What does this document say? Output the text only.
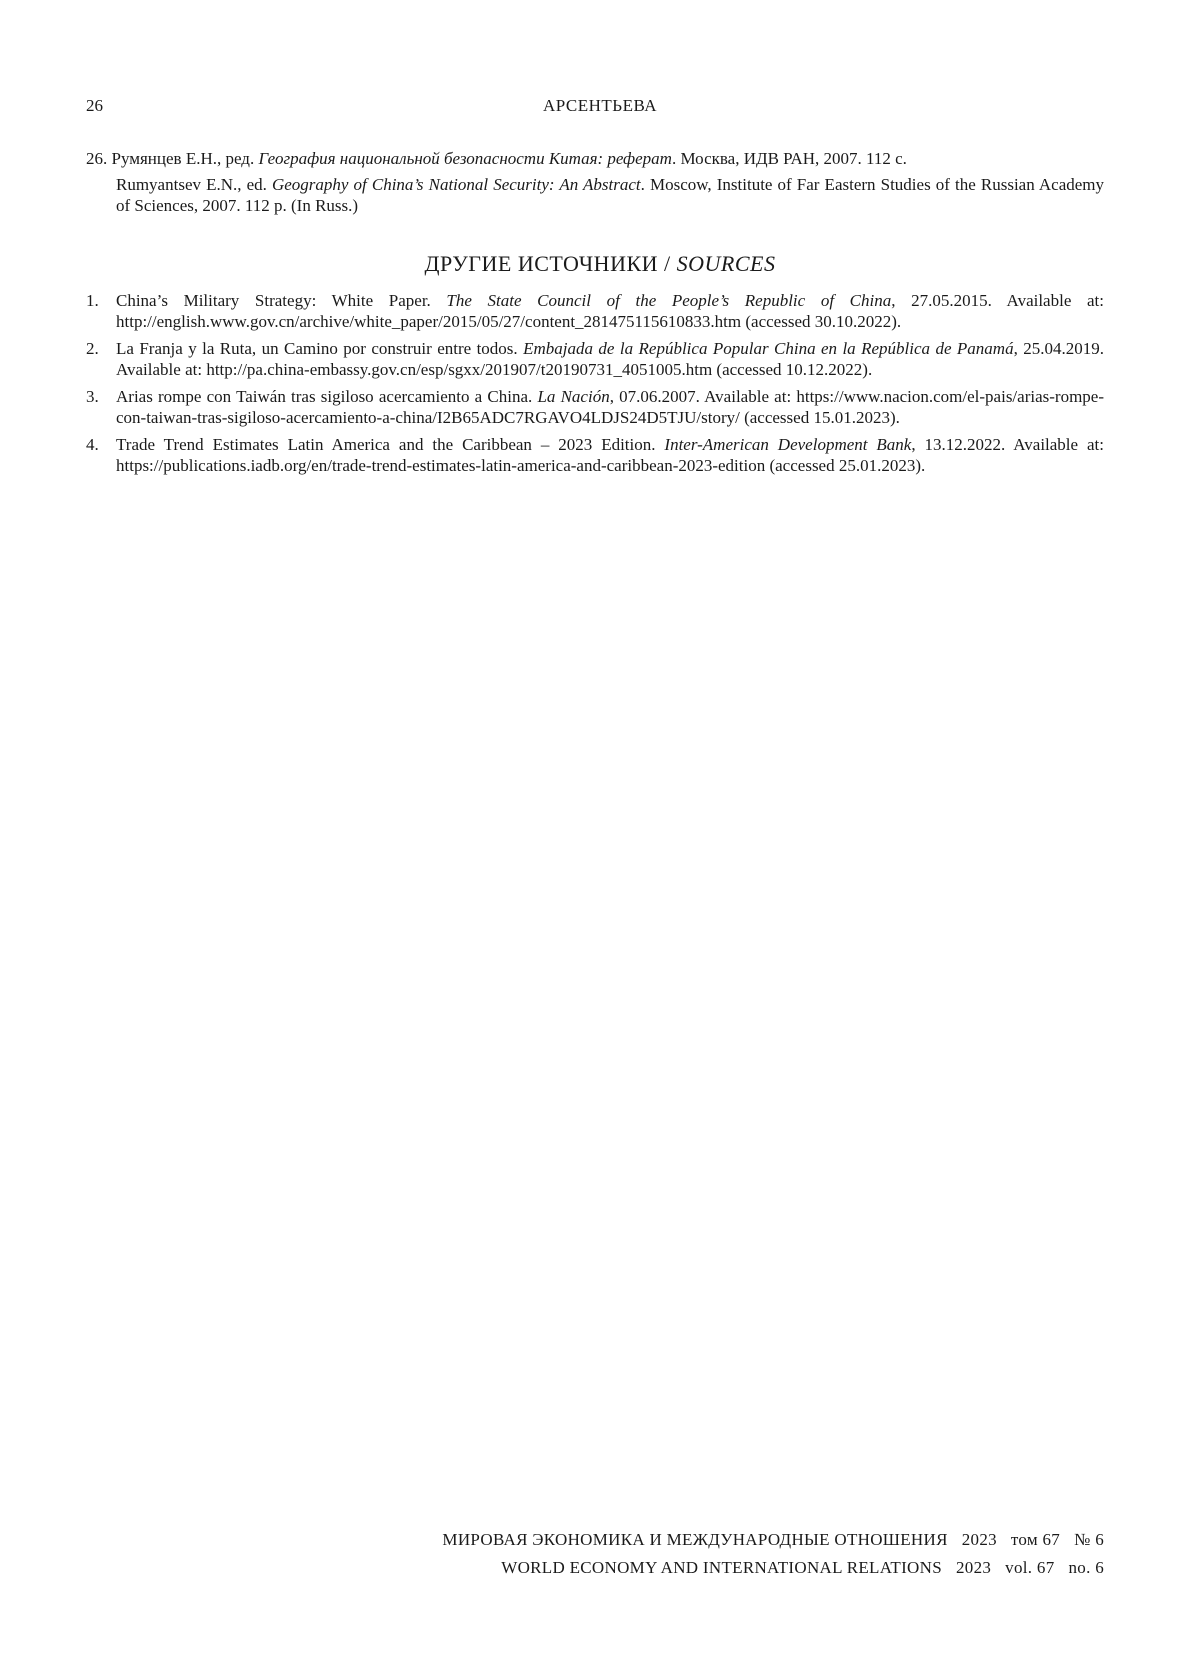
26	АРСЕНТЬЕВА
26. Румянцев Е.Н., ред. География национальной безопасности Китая: реферат. Москва, ИДВ РАН, 2007. 112 с.
Rumyantsev E.N., ed. Geography of China’s National Security: An Abstract. Moscow, Institute of Far Eastern Studies of the Russian Academy of Sciences, 2007. 112 p. (In Russ.)
ДРУГИЕ ИСТОЧНИКИ / SOURCES
1. China’s Military Strategy: White Paper. The State Council of the People’s Republic of China, 27.05.2015. Available at: http://english.www.gov.cn/archive/white_paper/2015/05/27/content_281475115610833.htm (accessed 30.10.2022).
2. La Franja y la Ruta, un Camino por construir entre todos. Embajada de la República Popular China en la República de Panamá, 25.04.2019. Available at: http://pa.china-embassy.gov.cn/esp/sgxx/201907/t20190731_4051005.htm (accessed 10.12.2022).
3. Arias rompe con Taiwán tras sigiloso acercamiento a China. La Nación, 07.06.2007. Available at: https://www.nacion.com/el-pais/arias-rompe-con-taiwan-tras-sigiloso-acercamiento-a-china/I2B65ADC7RGAVO4LDJS24D5TJU/story/ (accessed 15.01.2023).
4. Trade Trend Estimates Latin America and the Caribbean – 2023 Edition. Inter-American Development Bank, 13.12.2022. Available at: https://publications.iadb.org/en/trade-trend-estimates-latin-america-and-caribbean-2023-edition (accessed 25.01.2023).
МИРОВАЯ ЭКОНОМИКА И МЕЖДУНАРОДНЫЕ ОТНОШЕНИЯ 2023 том 67 № 6
WORLD ECONOMY AND INTERNATIONAL RELATIONS 2023 vol. 67 no. 6
